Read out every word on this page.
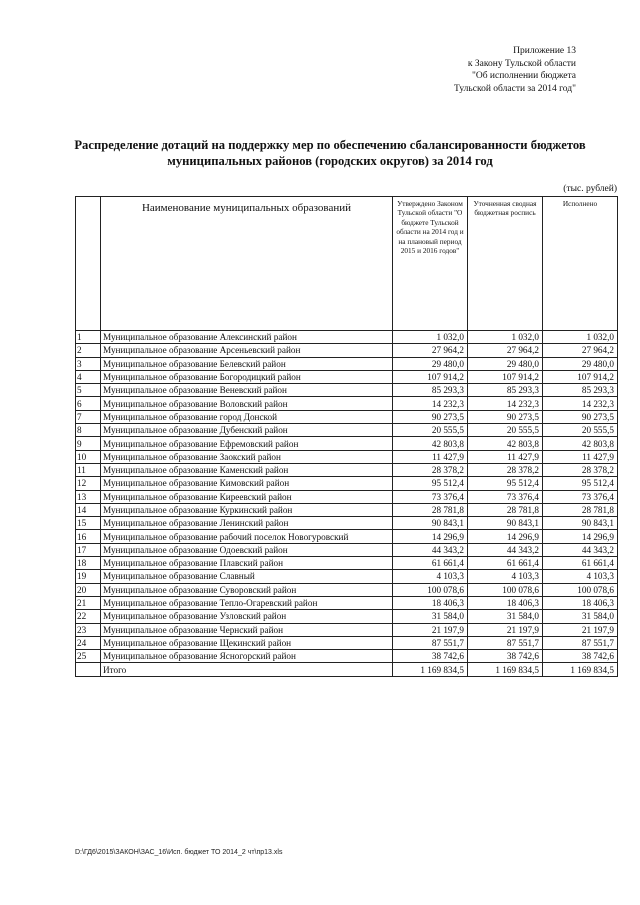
Приложение 13
к Закону Тульской области
"Об исполнении бюджета
Тульской области за 2014 год"
Распределение дотаций на поддержку мер по обеспечению сбалансированности бюджетов
муниципальных районов (городских округов) за 2014 год
(тыс. рублей)
	Наименование муниципальных образований	Утверждено Законом Тульской области "О бюджете Тульской области на 2014 год и на плановый период 2015 и 2016 годов"	Уточненная сводная бюджетная роспись	Исполнено
1	Муниципальное образование Алексинский район	1 032,0	1 032,0	1 032,0
2	Муниципальное образование Арсеньевский район	27 964,2	27 964,2	27 964,2
3	Муниципальное образование Белевский район	29 480,0	29 480,0	29 480,0
4	Муниципальное образование Богородицкий район	107 914,2	107 914,2	107 914,2
5	Муниципальное образование Веневский район	85 293,3	85 293,3	85 293,3
6	Муниципальное образование Воловский район	14 232,3	14 232,3	14 232,3
7	Муниципальное образование город Донской	90 273,5	90 273,5	90 273,5
8	Муниципальное образование Дубенский район	20 555,5	20 555,5	20 555,5
9	Муниципальное образование Ефремовский район	42 803,8	42 803,8	42 803,8
10	Муниципальное образование Заокский район	11 427,9	11 427,9	11 427,9
11	Муниципальное образование Каменский район	28 378,2	28 378,2	28 378,2
12	Муниципальное образование Кимовский район	95 512,4	95 512,4	95 512,4
13	Муниципальное образование Киреевский район	73 376,4	73 376,4	73 376,4
14	Муниципальное образование Куркинский район	28 781,8	28 781,8	28 781,8
15	Муниципальное образование Ленинский район	90 843,1	90 843,1	90 843,1
16	Муниципальное образование рабочий поселок Новогуровский	14 296,9	14 296,9	14 296,9
17	Муниципальное образование Одоевский район	44 343,2	44 343,2	44 343,2
18	Муниципальное образование Плавский район	61 661,4	61 661,4	61 661,4
19	Муниципальное образование Славный	4 103,3	4 103,3	4 103,3
20	Муниципальное образование Суворовский район	100 078,6	100 078,6	100 078,6
21	Муниципальное образование Тепло-Огаревский район	18 406,3	18 406,3	18 406,3
22	Муниципальное образование Узловский район	31 584,0	31 584,0	31 584,0
23	Муниципальное образование Чернский район	21 197,9	21 197,9	21 197,9
24	Муниципальное образование Щекинский район	87 551,7	87 551,7	87 551,7
25	Муниципальное образование Ясногорский район	38 742,6	38 742,6	38 742,6
	Итого	1 169 834,5	1 169 834,5	1 169 834,5
D:\ГД6\2015\ЗАКОН\ЗАС_16\Исп. бюджет ТО 2014_2 чт\пр13.xls
